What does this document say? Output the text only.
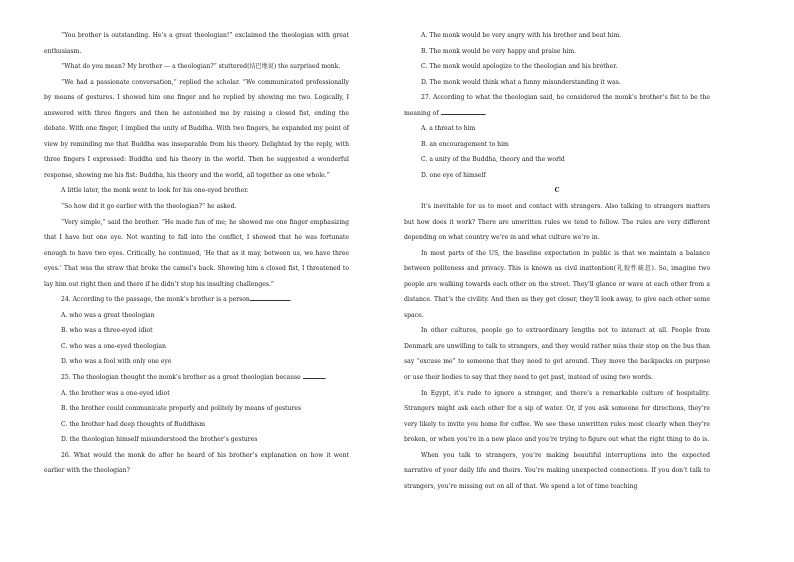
“You brother is outstanding. He’s a great theologian!” exclaimed the theologian with great enthusiasm.

“What do you mean? My brother — a theologian?” stuttered(结巴地说) the surprised monk.

“We had a passionate conversation,” replied the scholar. “We communicated professionally by means of gestures. I showed him one finger and he replied by showing me two. Logically, I answered with three fingers and then he astonished me by raising a closed fist, ending the debate. With one finger, I implied the unity of Buddha. With two fingers, he expanded my point of view by reminding me that Buddha was inseparable from his theory. Delighted by the reply, with three fingers I expressed: Buddha and his theory in the world. Then he suggested a wonderful response, showing me his fist: Buddha, his theory and the world, all together as one whole.”

A little later, the monk went to look for his one-eyed brother.

“So how did it go earlier with the theologian?” he asked.

“Very simple,” said the brother. “He made fun of me; he showed me one finger emphasizing that I have but one eye. Not wanting to fall into the conflict, I showed that he was fortunate enough to have two eyes. Critically, he continued, ‘He that as it may, between us, we have three eyes.’ That was the straw that broke the camel’s back. Showing him a closed fist, I threatened to lay him out right then and there if he didn’t stop his insulting challenges.”

24. According to the passage, the monk’s brother is a person	.

A. who was a great theologian

B. who was a three-eyed idiot

C. who was a one-eyed theologian

D. who was a fool with only one eye

25. The theologian thought the monk’s brother as a great theologian because	.

A. the brother was a one-eyed idiot

B. the brother could communicate properly and politely by means of gestures

C. the brother had deep thoughts of Buddhism

D. the theologian himself misunderstood the brother’s gestures

26. What would the monk do after he heard of his brother’s explanation on how it went earlier with the theologian?

A. The monk would be very angry with his brother and beat him.

B. The monk would be very happy and praise him.

C. The monk would apologize to the theologian and his brother.

D. The monk would think what a funny misunderstanding it was.

27. According to what the theologian said, he considered the monk’s brother’s fist to be the meaning of	.

A. a threat to him

B. an encouragement to him

C. a unity of the Buddha, theory and the world

D. one eye of himself

C

It’s inevitable for us to meet and contact with strangers. Also talking to strangers matters but how does it work? There are unwritten rules we tend to follow. The rules are very different depending on what country we’re in and what culture we’re in.

In most parts of the US, the baseline expectation in public is that we maintain a balance between politeness and privacy. This is known as civil inattention(礼貌性疏忽). So, imagine two people are walking towards each other on the street. They’ll glance or wave at each other from a distance. That’s the civility. And then as they get closer, they’ll look away, to give each other some space.

In other cultures, people go to extraordinary lengths not to interact at all. People from Denmark are unwilling to talk to strangers, and they would rather miss their stop on the bus than say “excuse me” to someone that they need to get around. They move the backpacks on purpose or use their bodies to say that they need to get past, instead of using two words.

In Egypt, it’s rude to ignore a stranger, and there’s a remarkable culture of hospitality. Strangers might ask each other for a sip of water. Or, if you ask someone for directions, they’re very likely to invite you home for coffee. We see these unwritten rules most clearly when they’re broken, or when you’re in a new place and you’re trying to figure out what the right thing to do is.

When you talk to strangers, you’re making beautiful interruptions into the expected narrative of your daily life and theirs. You’re making unexpected connections. If you don’t talk to strangers, you’re missing out on all of that. We spend a lot of time teaching
